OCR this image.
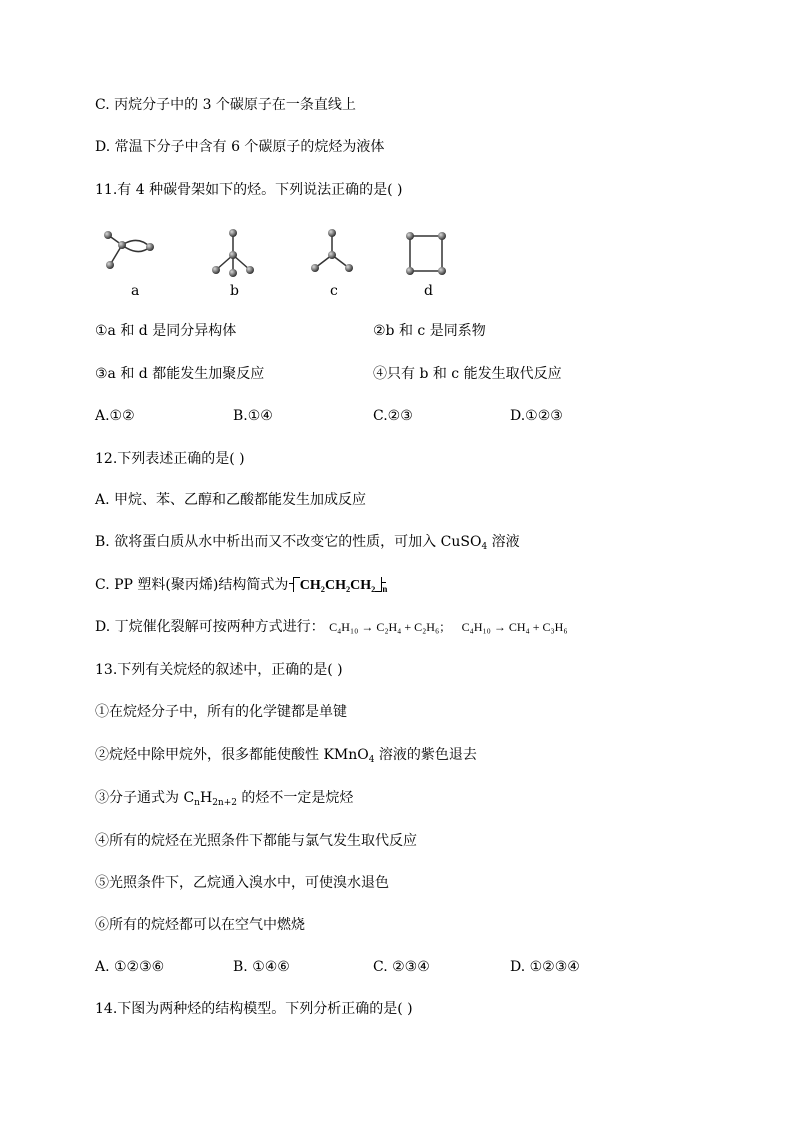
C. 丙烷分子中的 3 个碳原子在一条直线上
D. 常温下分子中含有 6 个碳原子的烷烃为液体
11.有 4 种碳骨架如下的烃。下列说法正确的是( )
a	b	c	d
①a 和 d 是同分异构体	②b 和 c 是同系物
③a 和 d 都能发生加聚反应	④只有 b 和 c 能发生取代反应
A.①②	B.①④	C.②③	D.①②③
12.下列表述正确的是( )
A. 甲烷、苯、乙醇和乙酸都能发生加成反应
B. 欲将蛋白质从水中析出而又不改变它的性质，可加入 CuSO$_4$ 溶液
C. PP 塑料(聚丙烯)结构简式为 CH₂CH₂CH₂ $_n$
D. 丁烷催化裂解可按两种方式进行： C₄H₁₀ → C₂H₄ + C₂H₆； C₄H₁₀ → CH₄ + C₃H₆
13.下列有关烷烃的叙述中，正确的是( )
①在烷烃分子中，所有的化学键都是单键
②烷烃中除甲烷外，很多都能使酸性 KMnO$_4$ 溶液的紫色退去
③分子通式为 $C_nH_{2n+2}$ 的烃不一定是烷烃
④所有的烷烃在光照条件下都能与氯气发生取代反应
⑤光照条件下，乙烷通入溴水中，可使溴水退色
⑥所有的烷烃都可以在空气中燃烧
A. ①②③⑥	B. ①④⑥	C. ②③④	D. ①②③④
14.下图为两种烃的结构模型。下列分析正确的是( )
